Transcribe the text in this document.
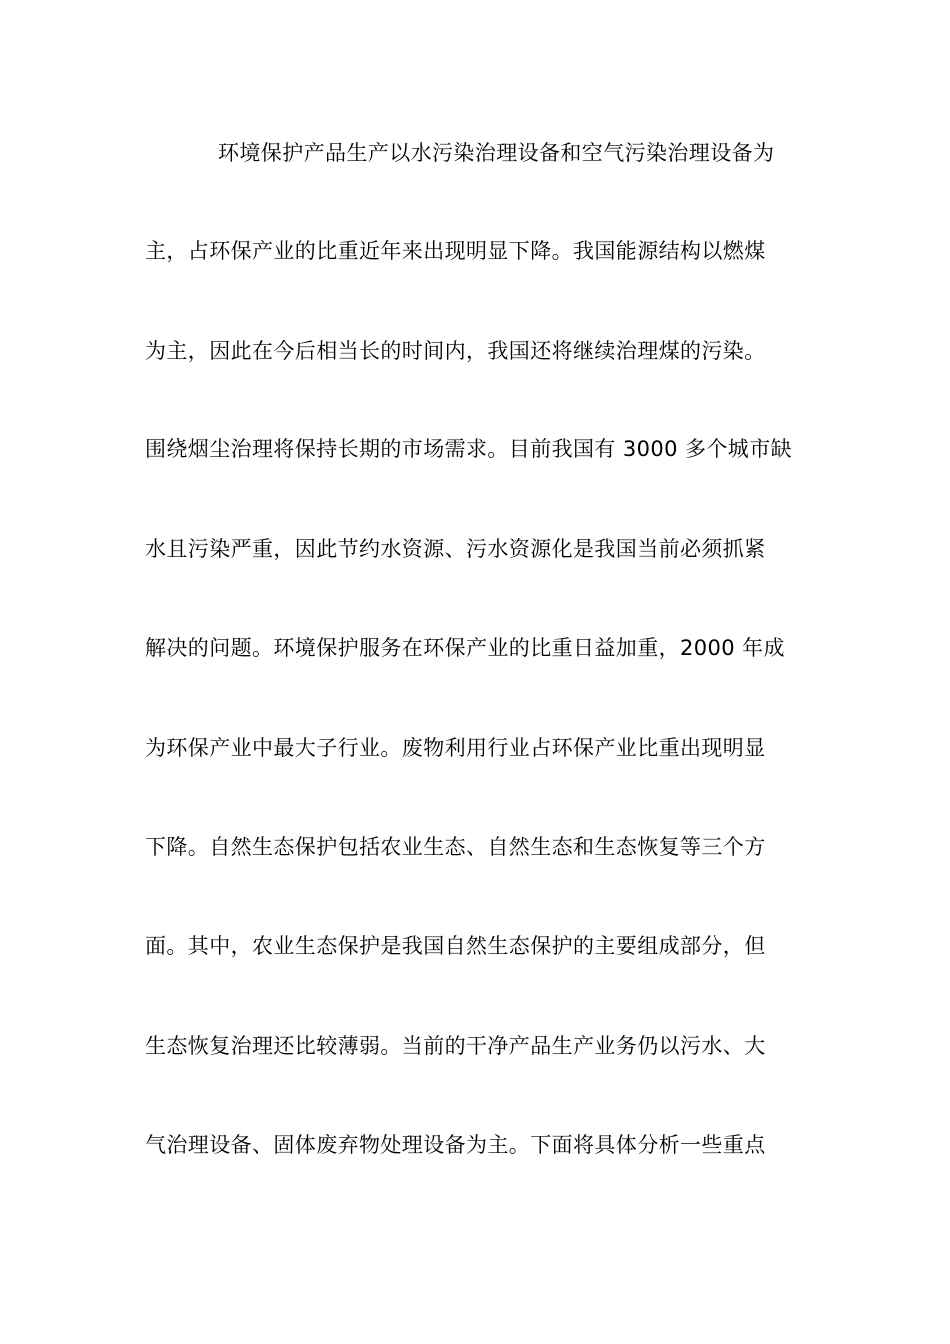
环境保护产品生产以水污染治理设备和空气污染治理设备为
主，占环保产业的比重近年来出现明显下降。我国能源结构以燃煤
为主，因此在今后相当长的时间内，我国还将继续治理煤的污染。
围绕烟尘治理将保持长期的市场需求。目前我国有 3000 多个城市缺
水且污染严重，因此节约水资源、污水资源化是我国当前必须抓紧
解决的问题。环境保护服务在环保产业的比重日益加重，2000 年成
为环保产业中最大子行业。废物利用行业占环保产业比重出现明显
下降。自然生态保护包括农业生态、自然生态和生态恢复等三个方
面。其中，农业生态保护是我国自然生态保护的主要组成部分，但
生态恢复治理还比较薄弱。当前的干净产品生产业务仍以污水、大
气治理设备、固体废弃物处理设备为主。下面将具体分析一些重点
